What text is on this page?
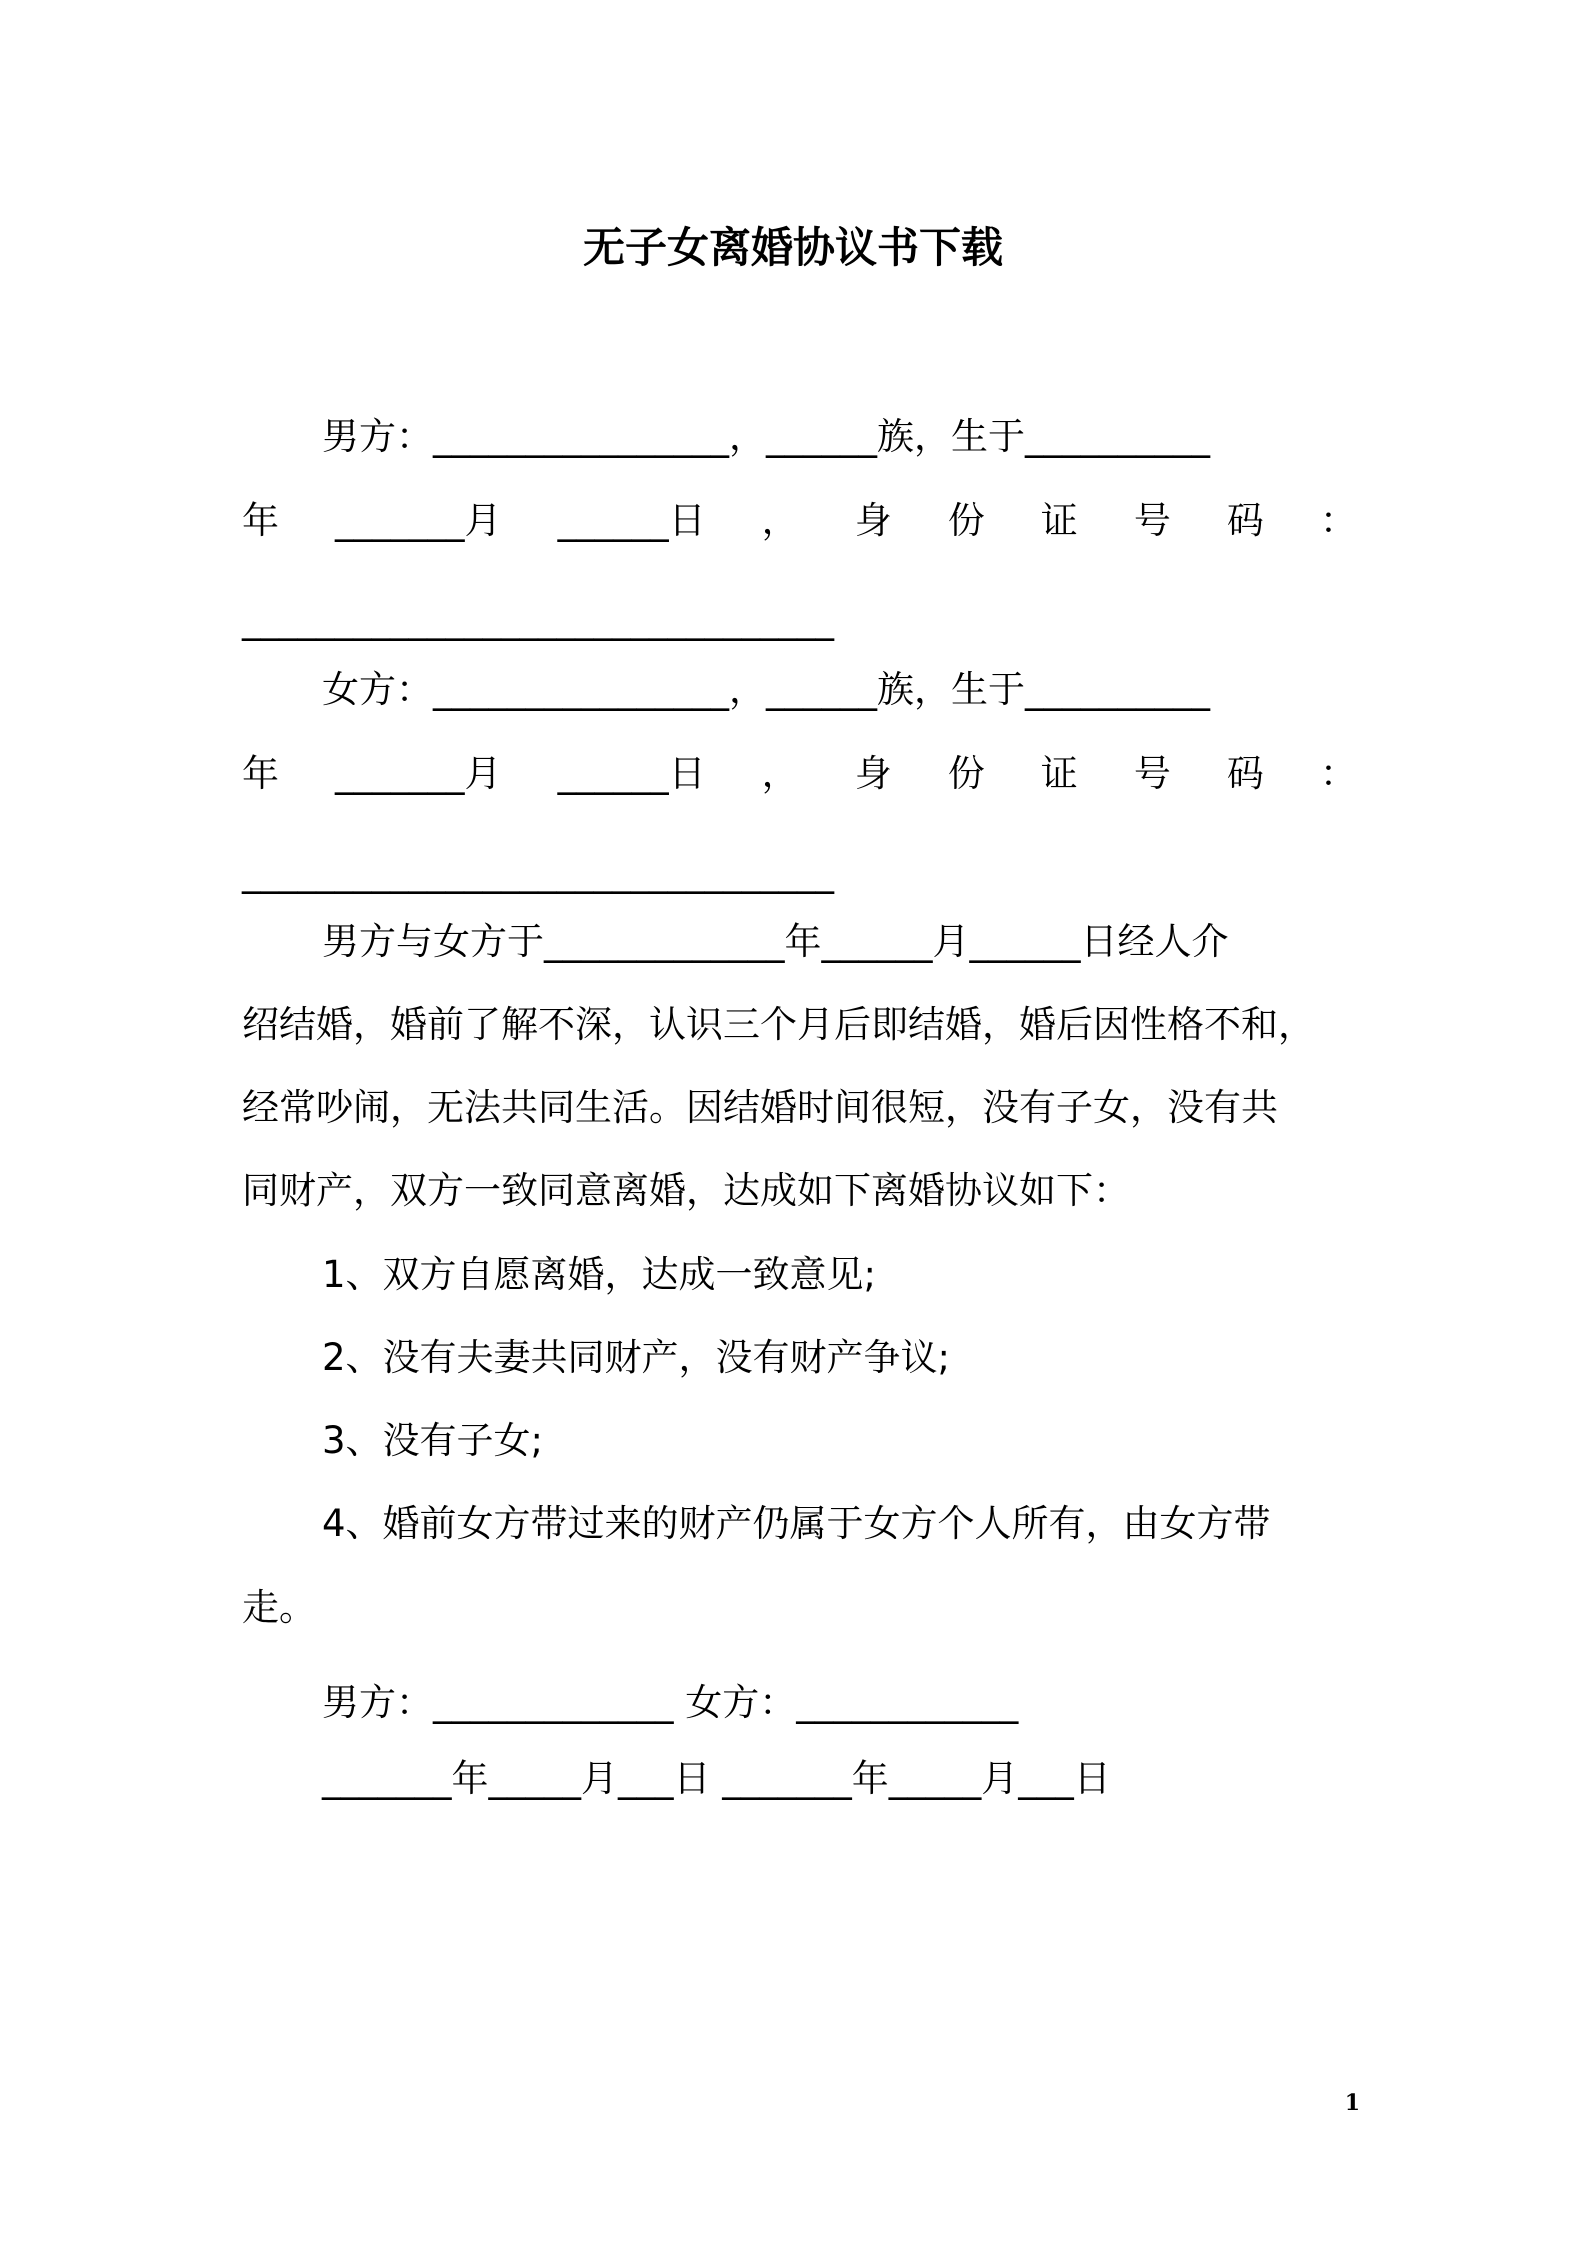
无子女离婚协议书下载
男方：________________，______族，生于__________
年 _______月 ______日 ， 身 份 证 号 码 ：
________________________________
女方：________________，______族，生于__________
年 _______月 ______日 ， 身 份 证 号 码 ：
________________________________
男方与女方于_____________年______月______日经人介
绍结婚，婚前了解不深，认识三个月后即结婚，婚后因性格不和，
经常吵闹，无法共同生活。因结婚时间很短，没有子女，没有共
同财产，双方一致同意离婚，达成如下离婚协议如下：
1、双方自愿离婚，达成一致意见;
2、没有夫妻共同财产，没有财产争议;
3、没有子女;
4、婚前女方带过来的财产仍属于女方个人所有，由女方带
走。
男方：_____________ 女方：____________
_______年_____月___日 _______年_____月___日
1
